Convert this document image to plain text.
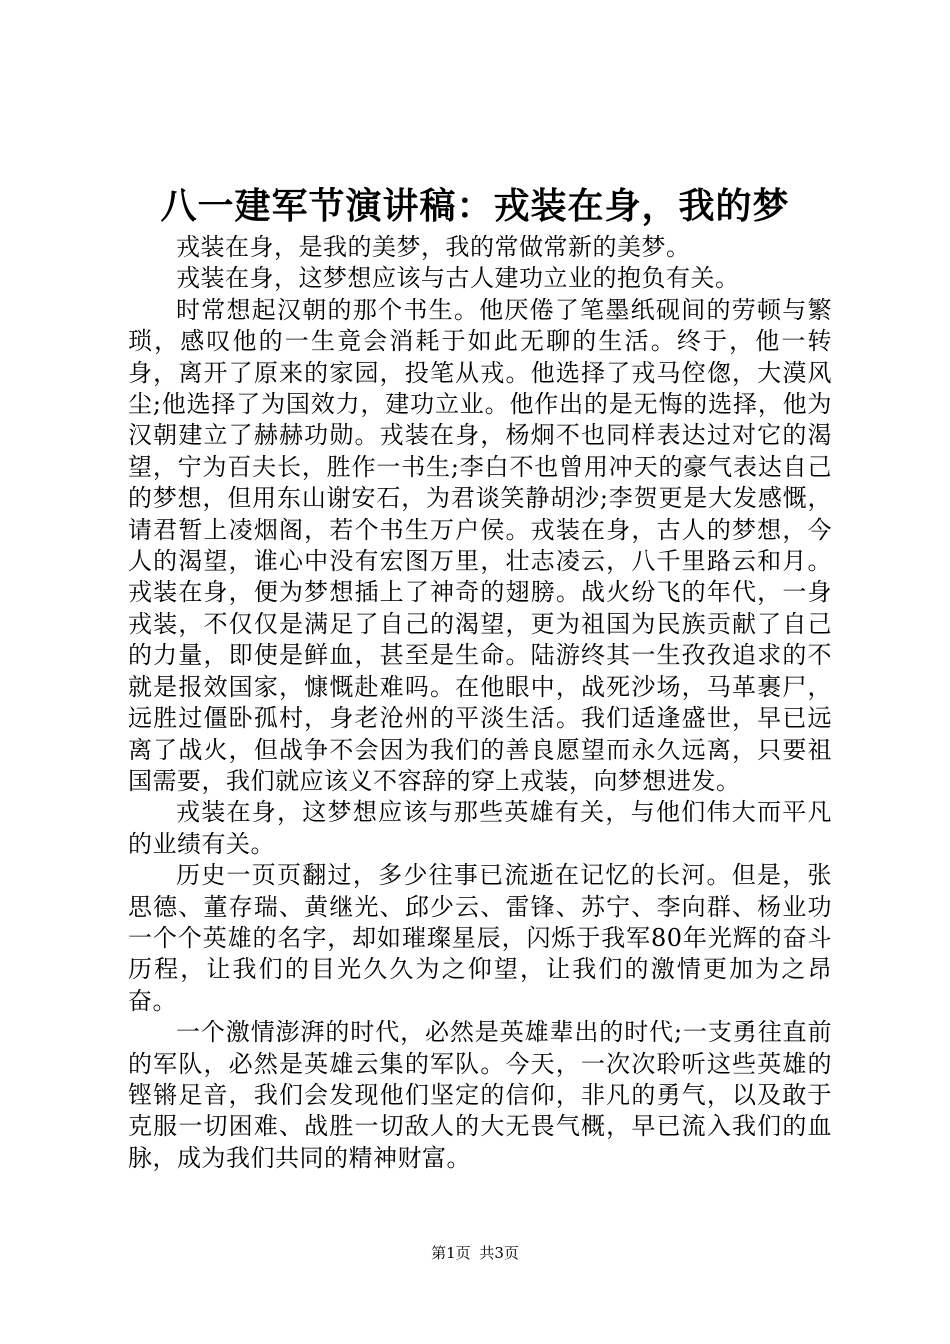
八一建军节演讲稿：戎装在身，我的梦

戎装在身，是我的美梦，我的常做常新的美梦。

戎装在身，这梦想应该与古人建功立业的抱负有关。

时常想起汉朝的那个书生。他厌倦了笔墨纸砚间的劳顿与繁琐，感叹他的一生竟会消耗于如此无聊的生活。终于，他一转身，离开了原来的家园，投笔从戎。他选择了戎马倥偬，大漠风尘;他选择了为国效力，建功立业。他作出的是无悔的选择，他为汉朝建立了赫赫功勋。戎装在身，杨炯不也同样表达过对它的渴望，宁为百夫长，胜作一书生;李白不也曾用冲天的豪气表达自己的梦想，但用东山谢安石，为君谈笑静胡沙;李贺更是大发感慨，请君暂上凌烟阁，若个书生万户侯。戎装在身，古人的梦想，今人的渴望，谁心中没有宏图万里，壮志凌云，八千里路云和月。戎装在身，便为梦想插上了神奇的翅膀。战火纷飞的年代，一身戎装，不仅仅是满足了自己的渴望，更为祖国为民族贡献了自己的力量，即使是鲜血，甚至是生命。陆游终其一生孜孜追求的不就是报效国家，慷慨赴难吗。在他眼中，战死沙场，马革裹尸，远胜过僵卧孤村，身老沧州的平淡生活。我们适逢盛世，早已远离了战火，但战争不会因为我们的善良愿望而永久远离，只要祖国需要，我们就应该义不容辞的穿上戎装，向梦想进发。

戎装在身，这梦想应该与那些英雄有关，与他们伟大而平凡的业绩有关。

历史一页页翻过，多少往事已流逝在记忆的长河。但是，张思德、董存瑞、黄继光、邱少云、雷锋、苏宁、李向群、杨业功一个个英雄的名字，却如璀璨星辰，闪烁于我军80年光辉的奋斗历程，让我们的目光久久为之仰望，让我们的激情更加为之昂奋。

一个激情澎湃的时代，必然是英雄辈出的时代;一支勇往直前的军队，必然是英雄云集的军队。今天，一次次聆听这些英雄的铿锵足音，我们会发现他们坚定的信仰，非凡的勇气，以及敢于克服一切困难、战胜一切敌人的大无畏气概，早已流入我们的血脉，成为我们共同的精神财富。

第1页 共3页
